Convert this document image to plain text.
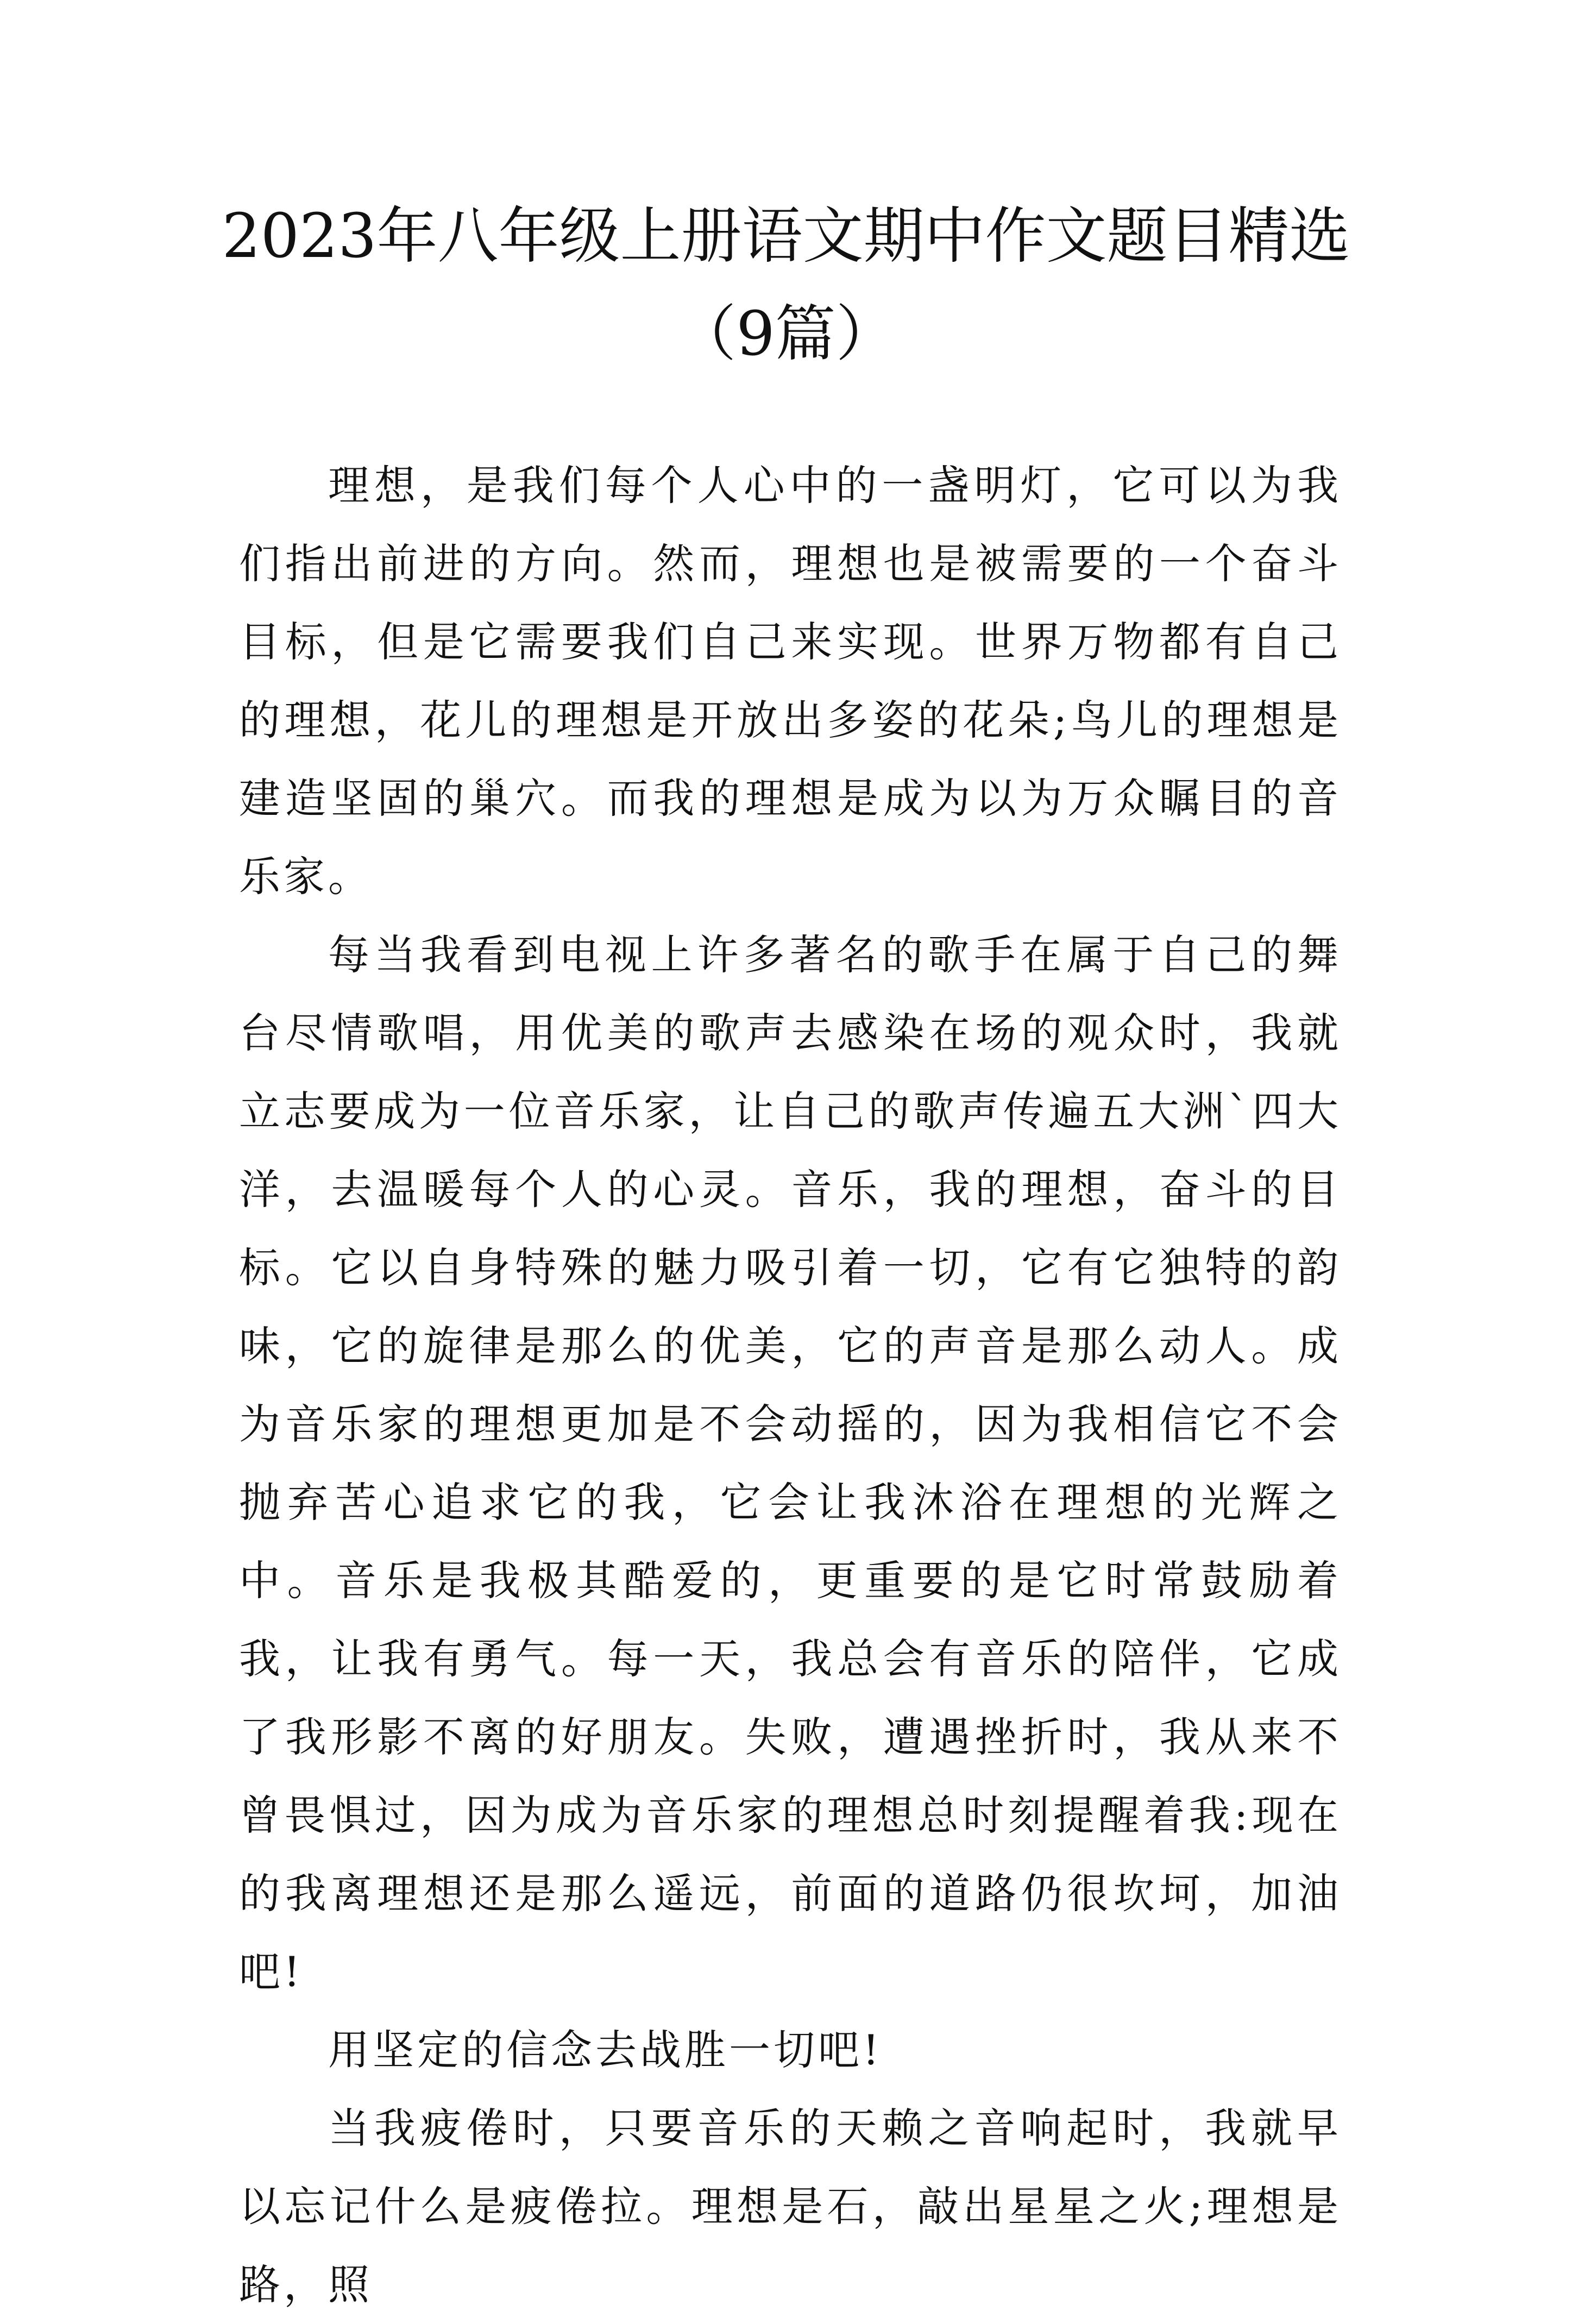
2023年八年级上册语文期中作文题目精选
（9篇）

理想，是我们每个人心中的一盏明灯，它可以为我们指出前进的方向。然而，理想也是被需要的一个奋斗目标，但是它需要我们自己来实现。世界万物都有自己的理想，花儿的理想是开放出多姿的花朵;鸟儿的理想是建造坚固的巢穴。而我的理想是成为以为万众瞩目的音乐家。

每当我看到电视上许多著名的歌手在属于自己的舞台尽情歌唱，用优美的歌声去感染在场的观众时，我就立志要成为一位音乐家，让自己的歌声传遍五大洲`四大洋，去温暖每个人的心灵。音乐，我的理想，奋斗的目标。它以自身特殊的魅力吸引着一切，它有它独特的韵味，它的旋律是那么的优美，它的声音是那么动人。成为音乐家的理想更加是不会动摇的，因为我相信它不会抛弃苦心追求它的我，它会让我沐浴在理想的光辉之中。音乐是我极其酷爱的，更重要的是它时常鼓励着我，让我有勇气。每一天，我总会有音乐的陪伴，它成了我形影不离的好朋友。失败，遭遇挫折时，我从来不曾畏惧过，因为成为音乐家的理想总时刻提醒着我:现在的我离理想还是那么遥远，前面的道路仍很坎坷，加油吧!

用坚定的信念去战胜一切吧!

当我疲倦时，只要音乐的天赖之音响起时，我就早以忘记什么是疲倦拉。理想是石，敲出星星之火;理想是路，照
